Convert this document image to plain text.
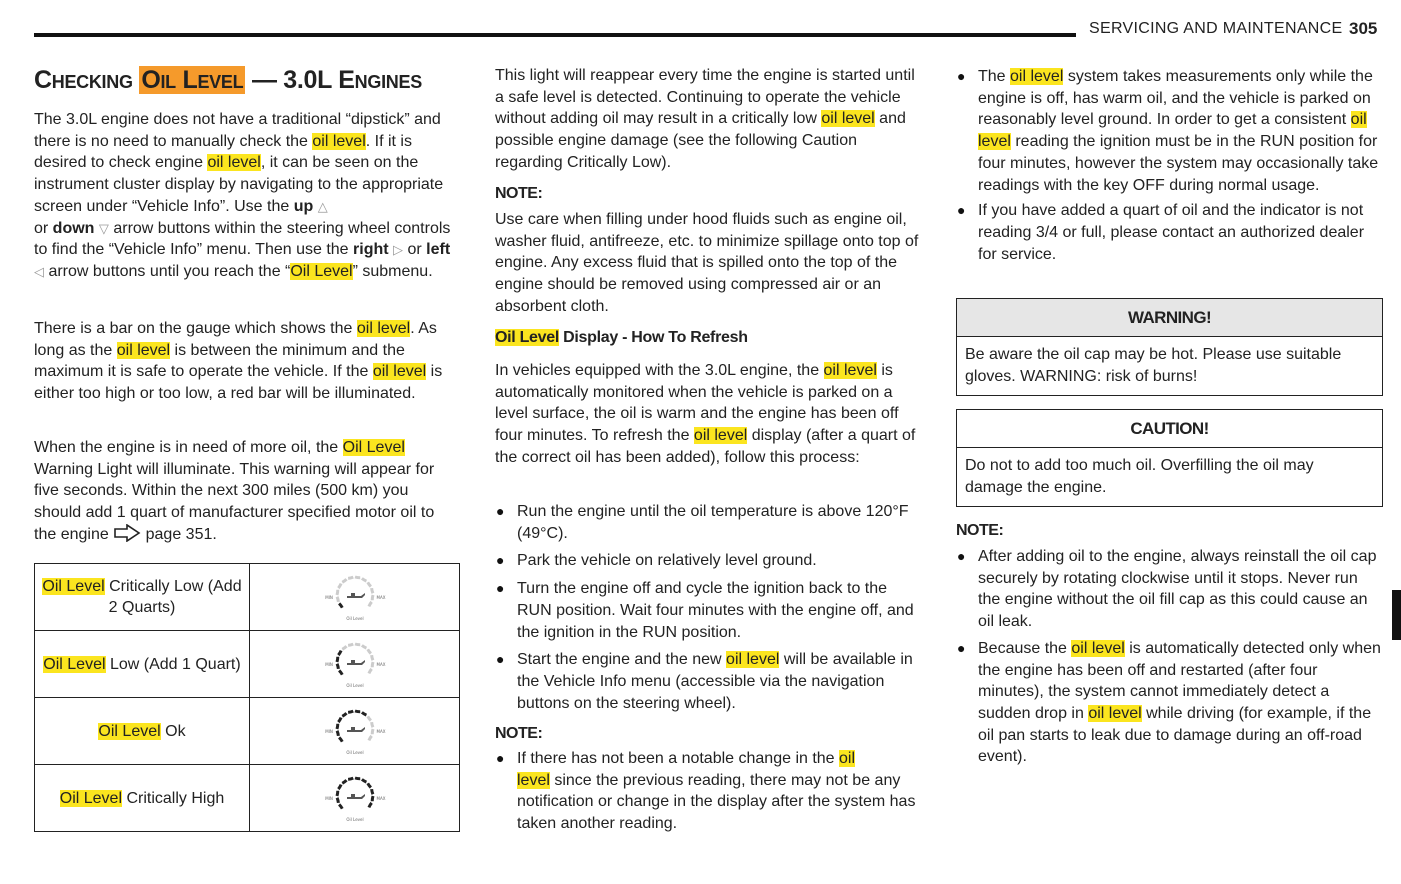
SERVICING AND MAINTENANCE 305
Checking Oil Level — 3.0L Engines

The 3.0L engine does not have a traditional “dipstick” and there is no need to manually check the oil level. If it is desired to check engine oil level, it can be seen on the instrument cluster display by navigating to the appropriate screen under “Vehicle Info”. Use the up △
or down ▽ arrow buttons within the steering wheel controls to find the “Vehicle Info” menu. Then use the right ▷ or left ◁ arrow buttons until you reach the “Oil Level” submenu.

There is a bar on the gauge which shows the oil level. As long as the oil level is between the minimum and the maximum it is safe to operate the vehicle. If the oil level is either too high or too low, a red bar will be illuminated.

When the engine is in need of more oil, the Oil Level Warning Light will illuminate. This warning will appear for five seconds. Within the next 300 miles (500 km) you should add 1 quart of manufacturer specified motor oil to the engine  page 351.

Oil Level Critically Low (Add 2 Quarts)	MIN MAX
Oil Level

Oil Level Low (Add 1 Quart)	MIN MAX
Oil Level

Oil Level Ok	MIN MAX
Oil Level

Oil Level Critically High	MIN MAX
Oil Level

This light will reappear every time the engine is started until a safe level is detected. Continuing to operate the vehicle without adding oil may result in a critically low oil level and possible engine damage (see the following Caution regarding Critically Low).

NOTE:

Use care when filling under hood fluids such as engine oil, washer fluid, antifreeze, etc. to minimize spillage onto top of engine. Any excess fluid that is spilled onto the top of the engine should be removed using compressed air or an absorbent cloth.

Oil Level Display - How To Refresh

In vehicles equipped with the 3.0L engine, the oil level is automatically monitored when the vehicle is parked on a level surface, the oil is warm and the engine has been off four minutes. To refresh the oil level display (after a quart of the correct oil has been added), follow this process:

● Run the engine until the oil temperature is above 120°F (49°C).
● Park the vehicle on relatively level ground.
● Turn the engine off and cycle the ignition back to the RUN position. Wait four minutes with the engine off, and the ignition in the RUN position.
● Start the engine and the new oil level will be available in the Vehicle Info menu (accessible via the navigation buttons on the steering wheel).
NOTE:
● If there has not been a notable change in the oil
level since the previous reading, there may not be any notification or change in the display after the system has taken another reading.
● The oil level system takes measurements only while the engine is off, has warm oil, and the vehicle is parked on reasonably level ground. In order to get a consistent oil level reading the ignition must be in the RUN position for four minutes, however the system may occasionally take readings with the key OFF during normal usage.
● If you have added a quart of oil and the indicator is not reading 3/4 or full, please contact an authorized dealer for service.
WARNING!
Be aware the oil cap may be hot. Please use suitable gloves. WARNING: risk of burns!
CAUTION!
Do not to add too much oil. Overfilling the oil may damage the engine.
NOTE:
● After adding oil to the engine, always reinstall the oil cap securely by rotating clockwise until it stops. Never run the engine without the oil fill cap as this could cause an oil leak.
● Because the oil level is automatically detected only when the engine has been off and restarted (after four minutes), the system cannot immediately detect a sudden drop in oil level while driving (for example, if the oil pan starts to leak due to damage during an off-road event).
